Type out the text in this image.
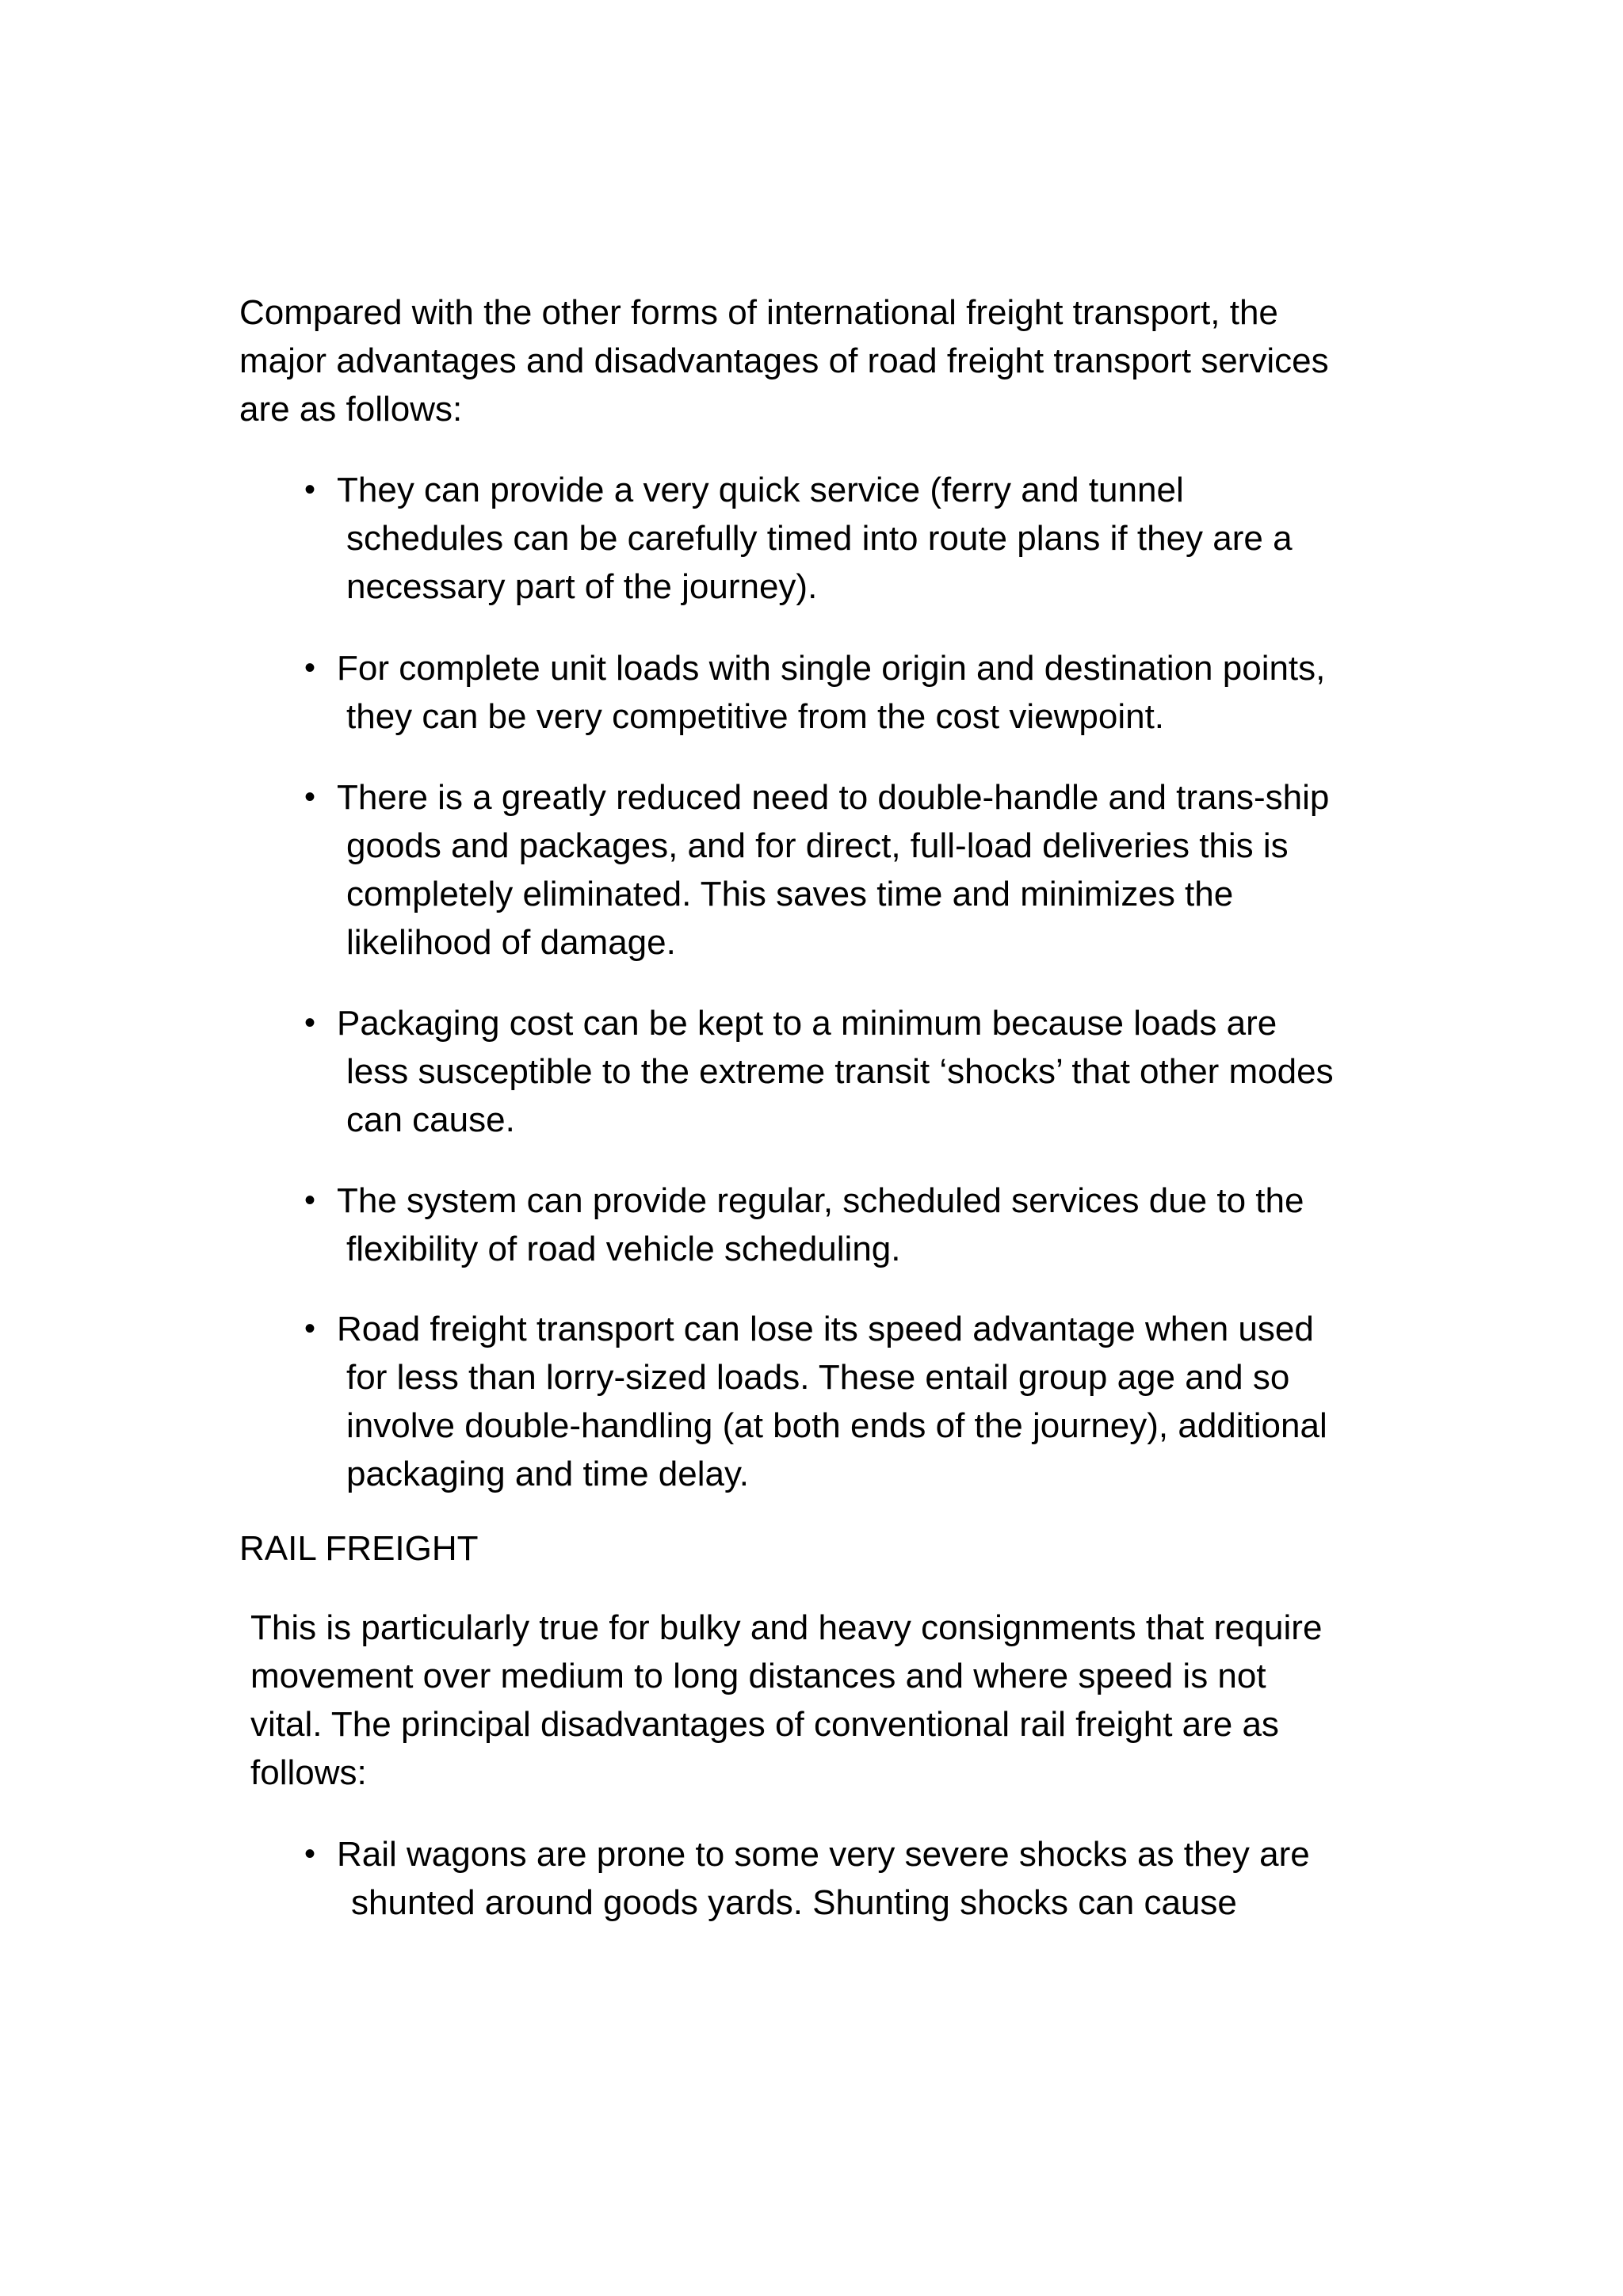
Compared with the other forms of international freight transport, the
major advantages and disadvantages of road freight transport services
are as follows:

• They can provide a very quick service (ferry and tunnel
schedules can be carefully timed into route plans if they are a
necessary part of the journey).
• For complete unit loads with single origin and destination points,
they can be very competitive from the cost viewpoint.
• There is a greatly reduced need to double-handle and trans-ship
goods and packages, and for direct, full-load deliveries this is
completely eliminated. This saves time and minimizes the
likelihood of damage.
• Packaging cost can be kept to a minimum because loads are
less susceptible to the extreme transit ‘shocks’ that other modes
can cause.
• The system can provide regular, scheduled services due to the
flexibility of road vehicle scheduling.
• Road freight transport can lose its speed advantage when used
for less than lorry-sized loads. These entail group age and so
involve double-handling (at both ends of the journey), additional
packaging and time delay.

RAIL FREIGHT

This is particularly true for bulky and heavy consignments that require
movement over medium to long distances and where speed is not
vital. The principal disadvantages of conventional rail freight are as
follows:

• Rail wagons are prone to some very severe shocks as they are
shunted around goods yards. Shunting shocks can cause
